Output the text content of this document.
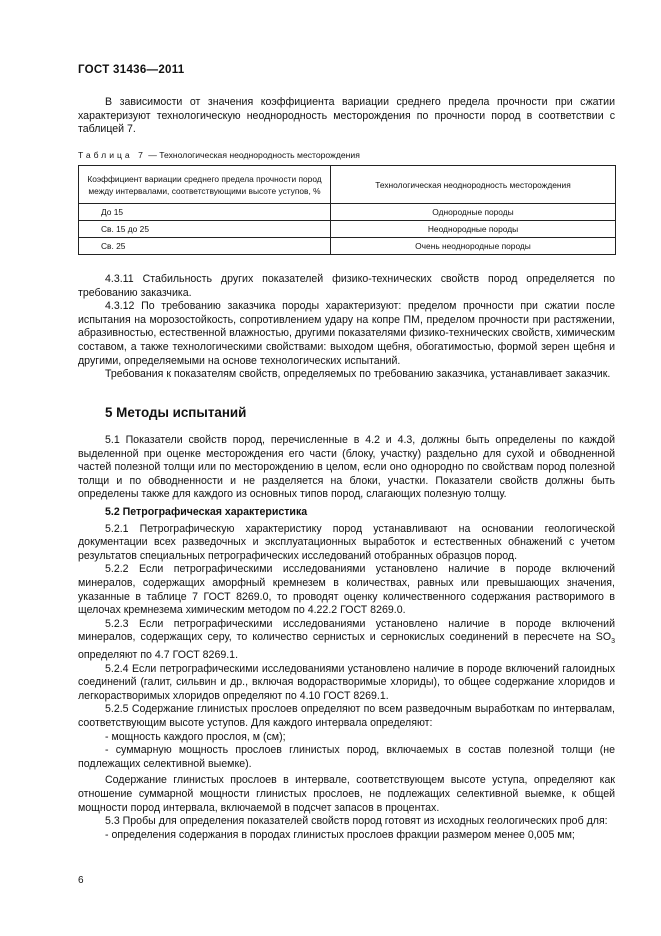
ГОСТ 31436—2011

В зависимости от значения коэффициента вариации среднего предела прочности при сжатии характеризуют технологическую неоднородность месторождения по прочности пород в соответствии с таблицей 7.

Таблица 7 — Технологическая неоднородность месторождения
Коэффициент вариации среднего предела прочности пород между интервалами, соответствующими высоте уступов, %	Технологическая неоднородность месторождения
До 15	Однородные породы
Св. 15 до 25	Неоднородные породы
Св. 25	Очень неоднородные породы

4.3.11 Стабильность других показателей физико-технических свойств пород определяется по требованию заказчика.

4.3.12 По требованию заказчика породы характеризуют: пределом прочности при сжатии после испытания на морозостойкость, сопротивлением удару на копре ПМ, пределом прочности при растяжении, абразивностью, естественной влажностью, другими показателями физико-технических свойств, химическим составом, а также технологическими свойствами: выходом щебня, обогатимостью, формой зерен щебня и другими, определяемыми на основе технологических испытаний.

Требования к показателям свойств, определяемых по требованию заказчика, устанавливает заказчик.

5 Методы испытаний

5.1 Показатели свойств пород, перечисленные в 4.2 и 4.3, должны быть определены по каждой выделенной при оценке месторождения его части (блоку, участку) раздельно для сухой и обводненной частей полезной толщи или по месторождению в целом, если оно однородно по свойствам пород полезной толщи и по обводненности и не разделяется на блоки, участки. Показатели свойств должны быть определены также для каждого из основных типов пород, слагающих полезную толщу.

5.2 Петрографическая характеристика

5.2.1 Петрографическую характеристику пород устанавливают на основании геологической документации всех разведочных и эксплуатационных выработок и естественных обнажений с учетом результатов специальных петрографических исследований отобранных образцов пород.

5.2.2 Если петрографическими исследованиями установлено наличие в породе включений минералов, содержащих аморфный кремнезем в количествах, равных или превышающих значения, указанные в таблице 7 ГОСТ 8269.0, то проводят оценку количественного содержания растворимого в щелочах кремнезема химическим методом по 4.22.2 ГОСТ 8269.0.

5.2.3 Если петрографическими исследованиями установлено наличие в породе включений минералов, содержащих серу, то количество сернистых и сернокислых соединений в пересчете на $SO_3$ определяют по 4.7 ГОСТ 8269.1.

5.2.4 Если петрографическими исследованиями установлено наличие в породе включений галоидных соединений (галит, сильвин и др., включая водорастворимые хлориды), то общее содержание хлоридов и легкорастворимых хлоридов определяют по 4.10 ГОСТ 8269.1.

5.2.5 Содержание глинистых прослоев определяют по всем разведочным выработкам по интервалам, соответствующим высоте уступов. Для каждого интервала определяют:

- мощность каждого прослоя, м (см);

- суммарную мощность прослоев глинистых пород, включаемых в состав полезной толщи (не подлежащих селективной выемке).

Содержание глинистых прослоев в интервале, соответствующем высоте уступа, определяют как отношение суммарной мощности глинистых прослоев, не подлежащих селективной выемке, к общей мощности пород интервала, включаемой в подсчет запасов в процентах.

5.3 Пробы для определения показателей свойств пород готовят из исходных геологических проб для:

- определения содержания в породах глинистых прослоев фракции размером менее 0,005 мм;

6
